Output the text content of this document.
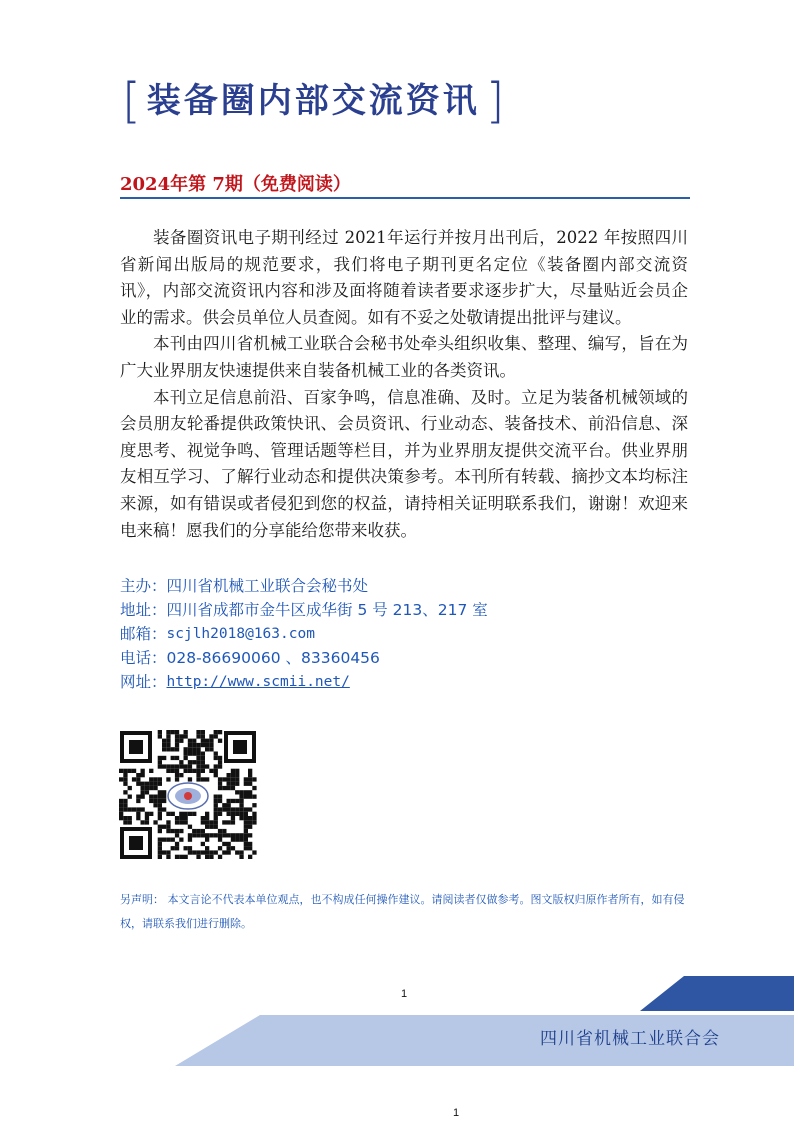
[ 装备圈内部交流资讯 ]
2024年第 7期（免费阅读）

装备圈资讯电子期刊经过 2021年运行并按月出刊后，2022 年按照四川省新闻出版局的规范要求，我们将电子期刊更名定位《装备圈内部交流资讯》，内部交流资讯内容和涉及面将随着读者要求逐步扩大，尽量贴近会员企业的需求。供会员单位人员查阅。如有不妥之处敬请提出批评与建议。

本刊由四川省机械工业联合会秘书处牵头组织收集、整理、编写，旨在为广大业界朋友快速提供来自装备机械工业的各类资讯。

本刊立足信息前沿、百家争鸣，信息准确、及时。立足为装备机械领域的会员朋友轮番提供政策快讯、会员资讯、行业动态、装备技术、前沿信息、深度思考、视觉争鸣、管理话题等栏目，并为业界朋友提供交流平台。供业界朋友相互学习、了解行业动态和提供决策参考。本刊所有转载、摘抄文本均标注来源，如有错误或者侵犯到您的权益，请持相关证明联系我们，谢谢！欢迎来电来稿！愿我们的分享能给您带来收获。

主办： 四川省机械工业联合会秘书处
地址： 四川省成都市金牛区成华街 5 号 213、217 室
邮箱： scjlh2018@163.com
电话： 028-86690060 、83360456
网址： http://www.scmii.net/
另声明： 本文言论不代表本单位观点，也不构成任何操作建议。请阅读者仅做参考。图文版权归原作者所有，如有侵权，请联系我们进行删除。
1
四川省机械工业联合会
1
